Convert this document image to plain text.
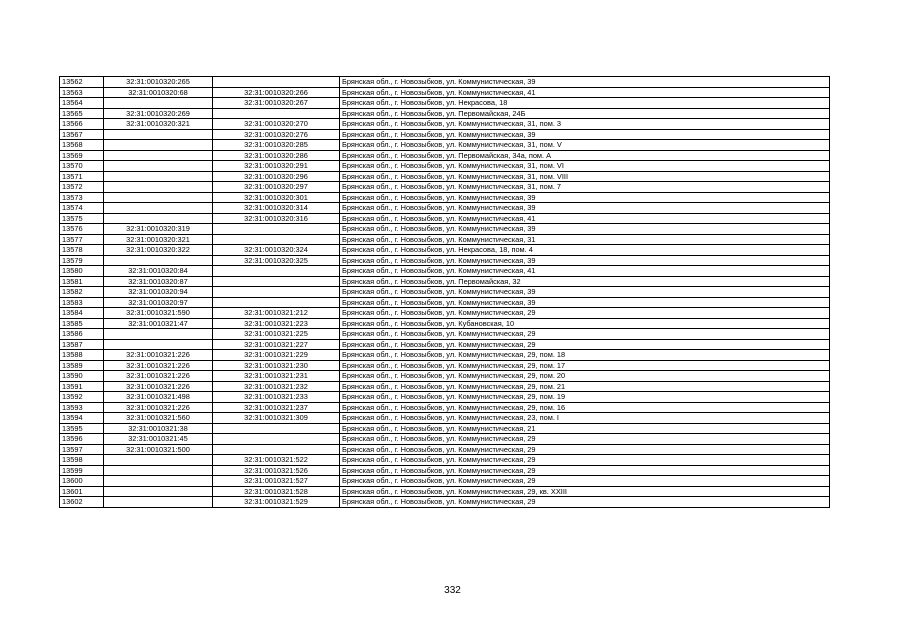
13562	32:31:0010320:265		Брянская обл., г. Новозыбков, ул. Коммунистическая, 39
13563	32:31:0010320:68	32:31:0010320:266	Брянская обл., г. Новозыбков, ул. Коммунистическая, 41
13564		32:31:0010320:267	Брянская обл., г. Новозыбков, ул. Некрасова, 18
13565	32:31:0010320:269		Брянская обл., г. Новозыбков, ул. Первомайская, 24Б
13566	32:31:0010320:321	32:31:0010320:270	Брянская обл., г. Новозыбков, ул. Коммунистическая, 31, пом. 3
13567		32:31:0010320:276	Брянская обл., г. Новозыбков, ул. Коммунистическая, 39
13568		32:31:0010320:285	Брянская обл., г. Новозыбков, ул. Коммунистическая, 31, пом. V
13569		32:31:0010320:286	Брянская обл., г. Новозыбков, ул. Первомайская, 34а, пом. А
13570		32:31:0010320:291	Брянская обл., г. Новозыбков, ул. Коммунистическая, 31, пом. VI
13571		32:31:0010320:296	Брянская обл., г. Новозыбков, ул. Коммунистическая, 31, пом. VIII
13572		32:31:0010320:297	Брянская обл., г. Новозыбков, ул. Коммунистическая, 31, пом. 7
13573		32:31:0010320:301	Брянская обл., г. Новозыбков, ул. Коммунистическая, 39
13574		32:31:0010320:314	Брянская обл., г. Новозыбков, ул. Коммунистическая, 39
13575		32:31:0010320:316	Брянская обл., г. Новозыбков, ул. Коммунистическая, 41
13576	32:31:0010320:319		Брянская обл., г. Новозыбков, ул. Коммунистическая, 39
13577	32:31:0010320:321		Брянская обл., г. Новозыбков, ул. Коммунистическая, 31
13578	32:31:0010320:322	32:31:0010320:324	Брянская обл., г. Новозыбков, ул. Некрасова, 18, пом. 4
13579		32:31:0010320:325	Брянская обл., г. Новозыбков, ул. Коммунистическая, 39
13580	32:31:0010320:84		Брянская обл., г. Новозыбков, ул. Коммунистическая, 41
13581	32:31:0010320:87		Брянская обл., г. Новозыбков, ул. Первомайская, 32
13582	32:31:0010320:94		Брянская обл., г. Новозыбков, ул. Коммунистическая, 39
13583	32:31:0010320:97		Брянская обл., г. Новозыбков, ул. Коммунистическая, 39
13584	32:31:0010321:590	32:31:0010321:212	Брянская обл., г. Новозыбков, ул. Коммунистическая, 29
13585	32:31:0010321:47	32:31:0010321:223	Брянская обл., г. Новозыбков, ул. Кубановская, 10
13586		32:31:0010321:225	Брянская обл., г. Новозыбков, ул. Коммунистическая, 29
13587		32:31:0010321:227	Брянская обл., г. Новозыбков, ул. Коммунистическая, 29
13588	32:31:0010321:226	32:31:0010321:229	Брянская обл., г. Новозыбков, ул. Коммунистическая, 29, пом. 18
13589	32:31:0010321:226	32:31:0010321:230	Брянская обл., г. Новозыбков, ул. Коммунистическая, 29, пом. 17
13590	32:31:0010321:226	32:31:0010321:231	Брянская обл., г. Новозыбков, ул. Коммунистическая, 29, пом. 20
13591	32:31:0010321:226	32:31:0010321:232	Брянская обл., г. Новозыбков, ул. Коммунистическая, 29, пом. 21
13592	32:31:0010321:498	32:31:0010321:233	Брянская обл., г. Новозыбков, ул. Коммунистическая, 29, пом. 19
13593	32:31:0010321:226	32:31:0010321:237	Брянская обл., г. Новозыбков, ул. Коммунистическая, 29, пом. 16
13594	32:31:0010321:560	32:31:0010321:309	Брянская обл., г. Новозыбков, ул. Коммунистическая, 23, пом. I
13595	32:31:0010321:38		Брянская обл., г. Новозыбков, ул. Коммунистическая, 21
13596	32:31:0010321:45		Брянская обл., г. Новозыбков, ул. Коммунистическая, 29
13597	32:31:0010321:500		Брянская обл., г. Новозыбков, ул. Коммунистическая, 29
13598		32:31:0010321:522	Брянская обл., г. Новозыбков, ул. Коммунистическая, 29
13599		32:31:0010321:526	Брянская обл., г. Новозыбков, ул. Коммунистическая, 29
13600		32:31:0010321:527	Брянская обл., г. Новозыбков, ул. Коммунистическая, 29
13601		32:31:0010321:528	Брянская обл., г. Новозыбков, ул. Коммунистическая, 29, кв. XXIII
13602		32:31:0010321:529	Брянская обл., г. Новозыбков, ул. Коммунистическая, 29
332
